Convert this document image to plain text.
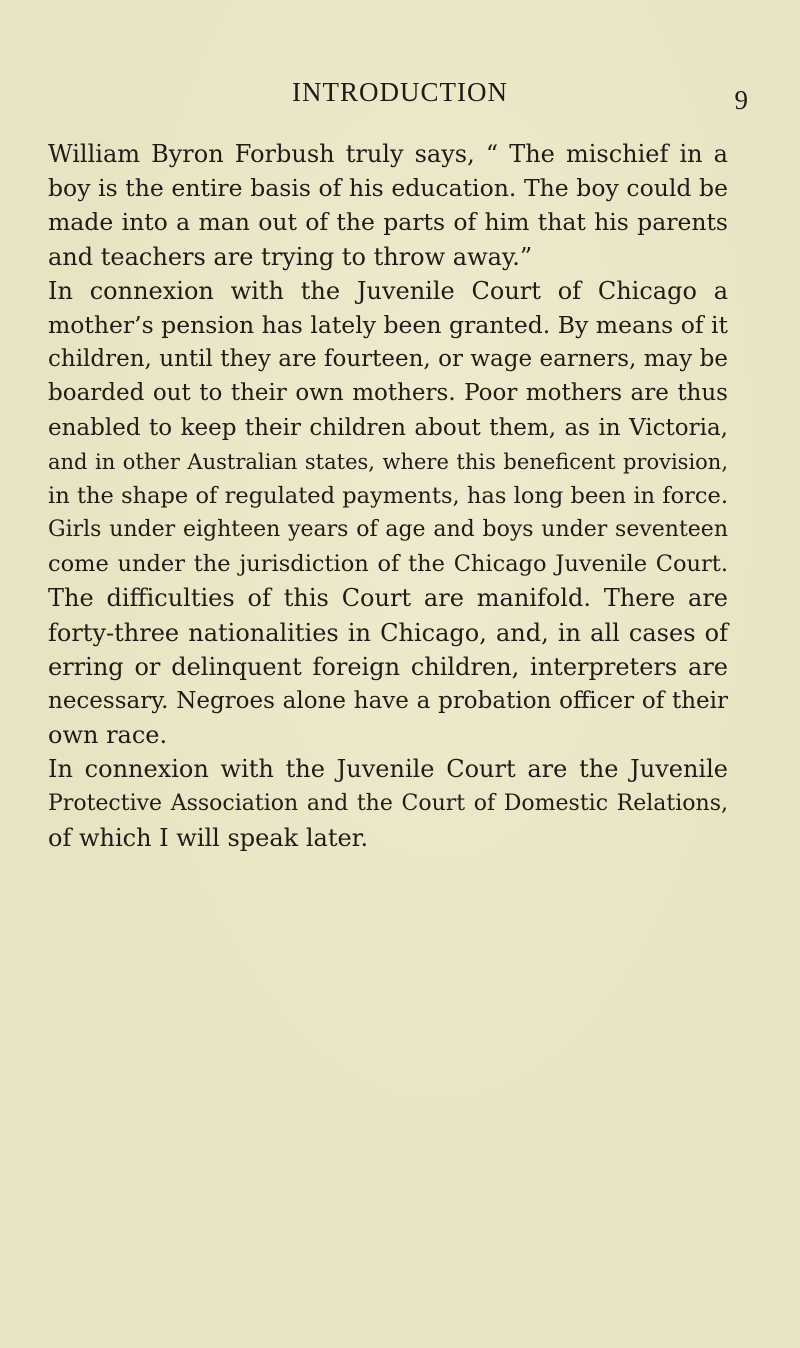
INTRODUCTION	9
William Byron Forbush truly says, “ The mischief in a
boy is the entire basis of his education. The boy could be
made into a man out of the parts of him that his parents
and teachers are trying to throw away.”
In connexion with the Juvenile Court of Chicago a
mother’s pension has lately been granted. By means of it
children, until they are fourteen, or wage earners, may be
boarded out to their own mothers. Poor mothers are thus
enabled to keep their children about them, as in Victoria,
and in other Australian states, where this beneficent provision,
in the shape of regulated payments, has long been in force.
Girls under eighteen years of age and boys under seventeen
come under the jurisdiction of the Chicago Juvenile Court.
The difficulties of this Court are manifold. There are
forty-three nationalities in Chicago, and, in all cases of
erring or delinquent foreign children, interpreters are
necessary. Negroes alone have a probation officer of their
own race.
In connexion with the Juvenile Court are the Juvenile
Protective Association and the Court of Domestic Relations,
of which I will speak later.
